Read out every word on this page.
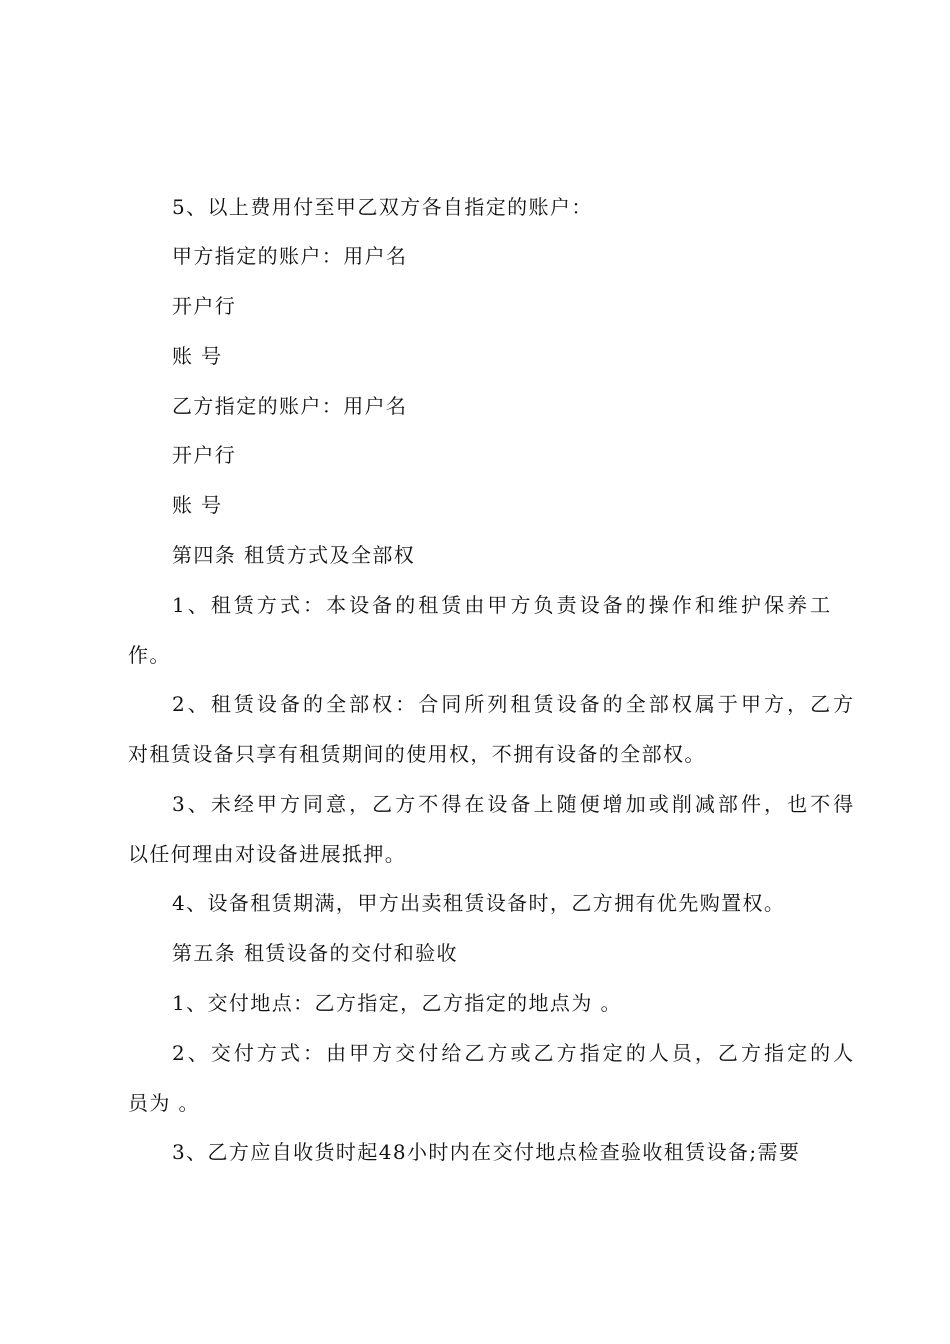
5、以上费用付至甲乙双方各自指定的账户：
甲方指定的账户：用户名
开户行
账 号
乙方指定的账户：用户名
开户行
账 号
第四条 租赁方式及全部权
1、租赁方式：本设备的租赁由甲方负责设备的操作和维护保养工
作。
2、租赁设备的全部权：合同所列租赁设备的全部权属于甲方，乙方
对租赁设备只享有租赁期间的使用权，不拥有设备的全部权。
3、未经甲方同意，乙方不得在设备上随便增加或削减部件，也不得
以任何理由对设备进展抵押。
4、设备租赁期满，甲方出卖租赁设备时，乙方拥有优先购置权。
第五条 租赁设备的交付和验收
1、交付地点：乙方指定，乙方指定的地点为 。
2、交付方式：由甲方交付给乙方或乙方指定的人员，乙方指定的人
员为 。
3、乙方应自收货时起48小时内在交付地点检查验收租赁设备;需要
